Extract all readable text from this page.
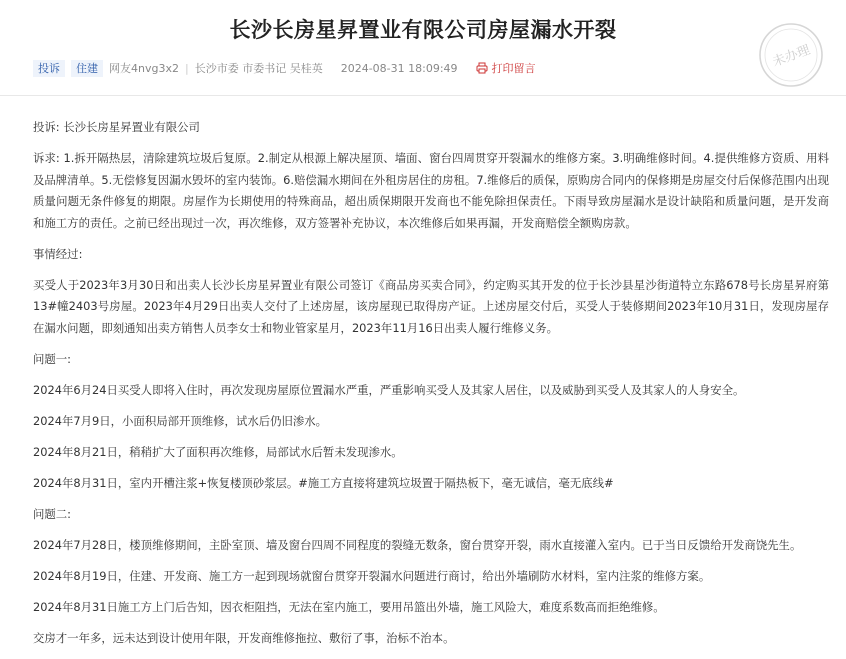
长沙长房星昇置业有限公司房屋漏水开裂
投诉	住建	网友4nvg3x2 | 长沙市委 市委书记 吴桂英 2024-08-31 18:09:49	打印留言	未办理

投诉: 长沙长房星昇置业有限公司

诉求: 1.拆开隔热层，清除建筑垃圾后复原。2.制定从根源上解决屋顶、墙面、窗台四周贯穿开裂漏水的维修方案。3.明确维修时间。4.提供维修方资质、用料及品牌清单。5.无偿修复因漏水毁坏的室内装饰。6.赔偿漏水期间在外租房居住的房租。7.维修后的质保，原购房合同内的保修期是房屋交付后保修范围内出现质量问题无条件修复的期限。房屋作为长期使用的特殊商品，超出质保期限开发商也不能免除担保责任。下雨导致房屋漏水是设计缺陷和质量问题，是开发商和施工方的责任。之前已经出现过一次，再次维修，双方签署补充协议，本次维修后如果再漏，开发商赔偿全额购房款。

事情经过:

买受人于2023年3月30日和出卖人长沙长房星昇置业有限公司签订《商品房买卖合同》，约定购买其开发的位于长沙县星沙街道特立东路678号长房星昇府第13#幢2403号房屋。2023年4月29日出卖人交付了上述房屋，该房屋现已取得房产证。上述房屋交付后，买受人于装修期间2023年10月31日，发现房屋存在漏水问题，即刻通知出卖方销售人员李女士和物业管家星月，2023年11月16日出卖人履行维修义务。

问题一:

2024年6月24日买受人即将入住时，再次发现房屋原位置漏水严重，严重影响买受人及其家人居住，以及威胁到买受人及其家人的人身安全。

2024年7月9日，小面积局部开顶维修，试水后仍旧渗水。

2024年8月21日，稍稍扩大了面积再次维修，局部试水后暂未发现渗水。

2024年8月31日，室内开槽注浆+恢复楼顶砂浆层。#施工方直接将建筑垃圾置于隔热板下，毫无诚信，毫无底线#

问题二:

2024年7月28日，楼顶维修期间，主卧室顶、墙及窗台四周不同程度的裂缝无数条，窗台贯穿开裂，雨水直接灌入室内。已于当日反馈给开发商饶先生。

2024年8月19日，住建、开发商、施工方一起到现场就窗台贯穿开裂漏水问题进行商讨，给出外墙刷防水材料，室内注浆的维修方案。

2024年8月31日施工方上门后告知，因衣柜阻挡，无法在室内施工，要用吊篮出外墙，施工风险大，难度系数高而拒绝维修。

交房才一年多，远未达到设计使用年限，开发商维修拖拉、敷衍了事，治标不治本。
